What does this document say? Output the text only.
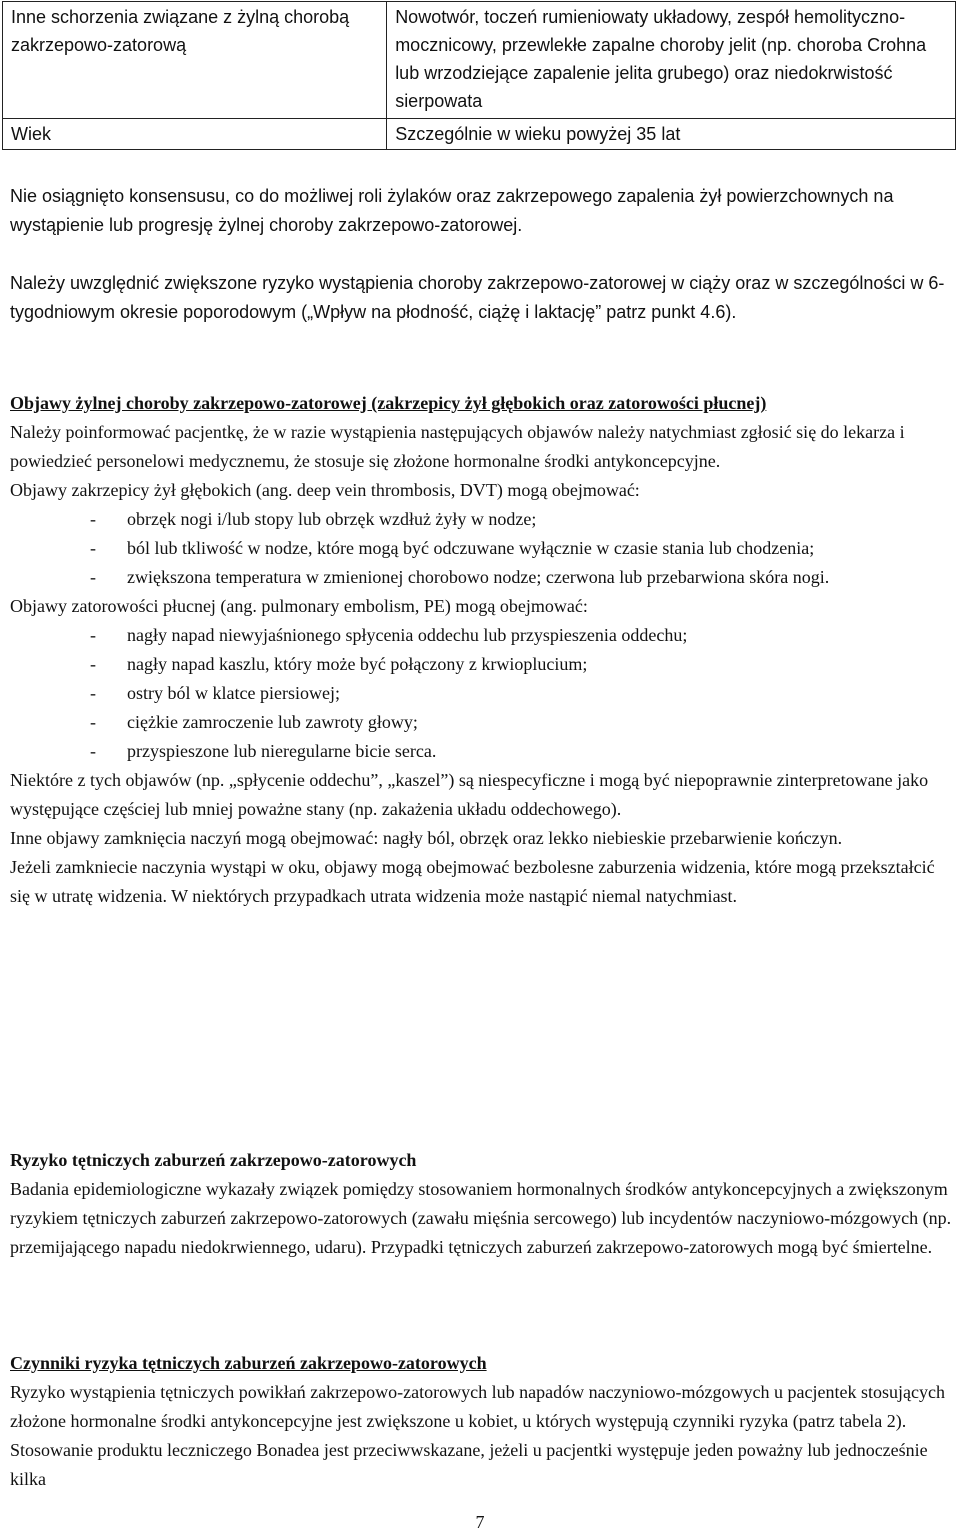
Inne schorzenia związane z żylną chorobą zakrzepowo-zatorową	Nowotwór, toczeń rumieniowaty układowy, zespół hemolityczno-mocznicowy, przewlekłe zapalne choroby jelit (np. choroba Crohna lub wrzodziejące zapalenie jelita grubego) oraz niedokrwistość sierpowata
Wiek	Szczególnie w wieku powyżej 35 lat

Nie osiągnięto konsensusu, co do możliwej roli żylaków oraz zakrzepowego zapalenia żył powierzchownych na wystąpienie lub progresję żylnej choroby zakrzepowo-zatorowej.

Należy uwzględnić zwiększone ryzyko wystąpienia choroby zakrzepowo-zatorowej w ciąży oraz w szczególności w 6-tygodniowym okresie poporodowym („Wpływ na płodność, ciążę i laktację” patrz punkt 4.6).

Objawy żylnej choroby zakrzepowo-zatorowej (zakrzepicy żył głębokich oraz zatorowości płucnej)

Należy poinformować pacjentkę, że w razie wystąpienia następujących objawów należy natychmiast zgłosić się do lekarza i powiedzieć personelowi medycznemu, że stosuje się złożone hormonalne środki antykoncepcyjne.

Objawy zakrzepicy żył głębokich (ang. deep vein thrombosis, DVT) mogą obejmować:

- obrzęk nogi i/lub stopy lub obrzęk wzdłuż żyły w nodze;
- ból lub tkliwość w nodze, które mogą być odczuwane wyłącznie w czasie stania lub chodzenia;
- zwiększona temperatura w zmienionej chorobowo nodze; czerwona lub przebarwiona skóra nogi.

Objawy zatorowości płucnej (ang. pulmonary embolism, PE) mogą obejmować:

- nagły napad niewyjaśnionego spłycenia oddechu lub przyspieszenia oddechu;
- nagły napad kaszlu, który może być połączony z krwioplucium;
- ostry ból w klatce piersiowej;
- ciężkie zamroczenie lub zawroty głowy;
- przyspieszone lub nieregularne bicie serca.

Niektóre z tych objawów (np. „spłycenie oddechu”, „kaszel”) są niespecyficzne i mogą być niepoprawnie zinterpretowane jako występujące częściej lub mniej poważne stany (np. zakażenia układu oddechowego).

Inne objawy zamknięcia naczyń mogą obejmować: nagły ból, obrzęk oraz lekko niebieskie przebarwienie kończyn.

Jeżeli zamkniecie naczynia wystąpi w oku, objawy mogą obejmować bezbolesne zaburzenia widzenia, które mogą przekształcić się w utratę widzenia. W niektórych przypadkach utrata widzenia może nastąpić niemal natychmiast.

Ryzyko tętniczych zaburzeń zakrzepowo-zatorowych

Badania epidemiologiczne wykazały związek pomiędzy stosowaniem hormonalnych środków antykoncepcyjnych a zwiększonym ryzykiem tętniczych zaburzeń zakrzepowo-zatorowych (zawału mięśnia sercowego) lub incydentów naczyniowo-mózgowych (np. przemijającego napadu niedokrwiennego, udaru). Przypadki tętniczych zaburzeń zakrzepowo-zatorowych mogą być śmiertelne.

Czynniki ryzyka tętniczych zaburzeń zakrzepowo-zatorowych

Ryzyko wystąpienia tętniczych powikłań zakrzepowo-zatorowych lub napadów naczyniowo-mózgowych u pacjentek stosujących złożone hormonalne środki antykoncepcyjne jest zwiększone u kobiet, u których występują czynniki ryzyka (patrz tabela 2). Stosowanie produktu leczniczego Bonadea jest przeciwwskazane, jeżeli u pacjentki występuje jeden poważny lub jednocześnie kilka

7
